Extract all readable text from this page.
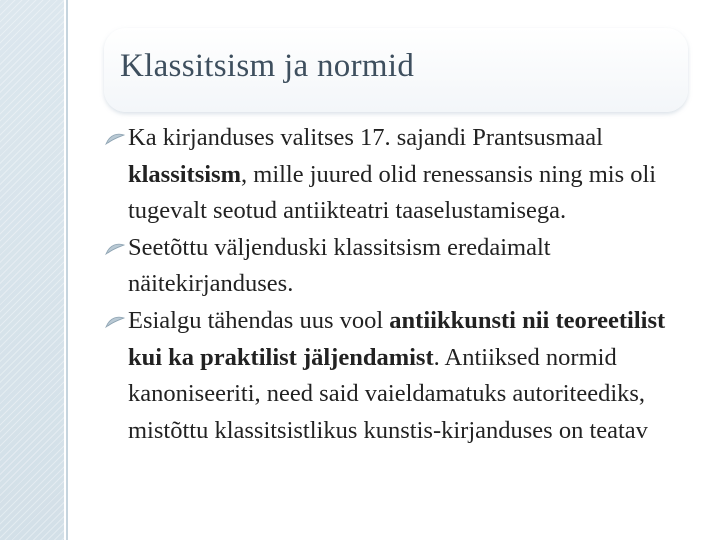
Klassitsism ja normid
Ka kirjanduses valitses 17. sajandi Prantsusmaal klassitsism, mille juured olid renessansis ning mis oli tugevalt seotud antiikteatri taaselustamisega.
Seetõttu väljenduski klassitsism eredaimalt näitekirjanduses.
Esialgu tähendas uus vool antiikkunsti nii teoreetilist kui ka praktilist jäljendamist. Antiiksed normid kanoniseeriti, need said vaieldamatuks autoriteediks, mistõttu klassitsistlikus kunstis-kirjanduses on teatav
